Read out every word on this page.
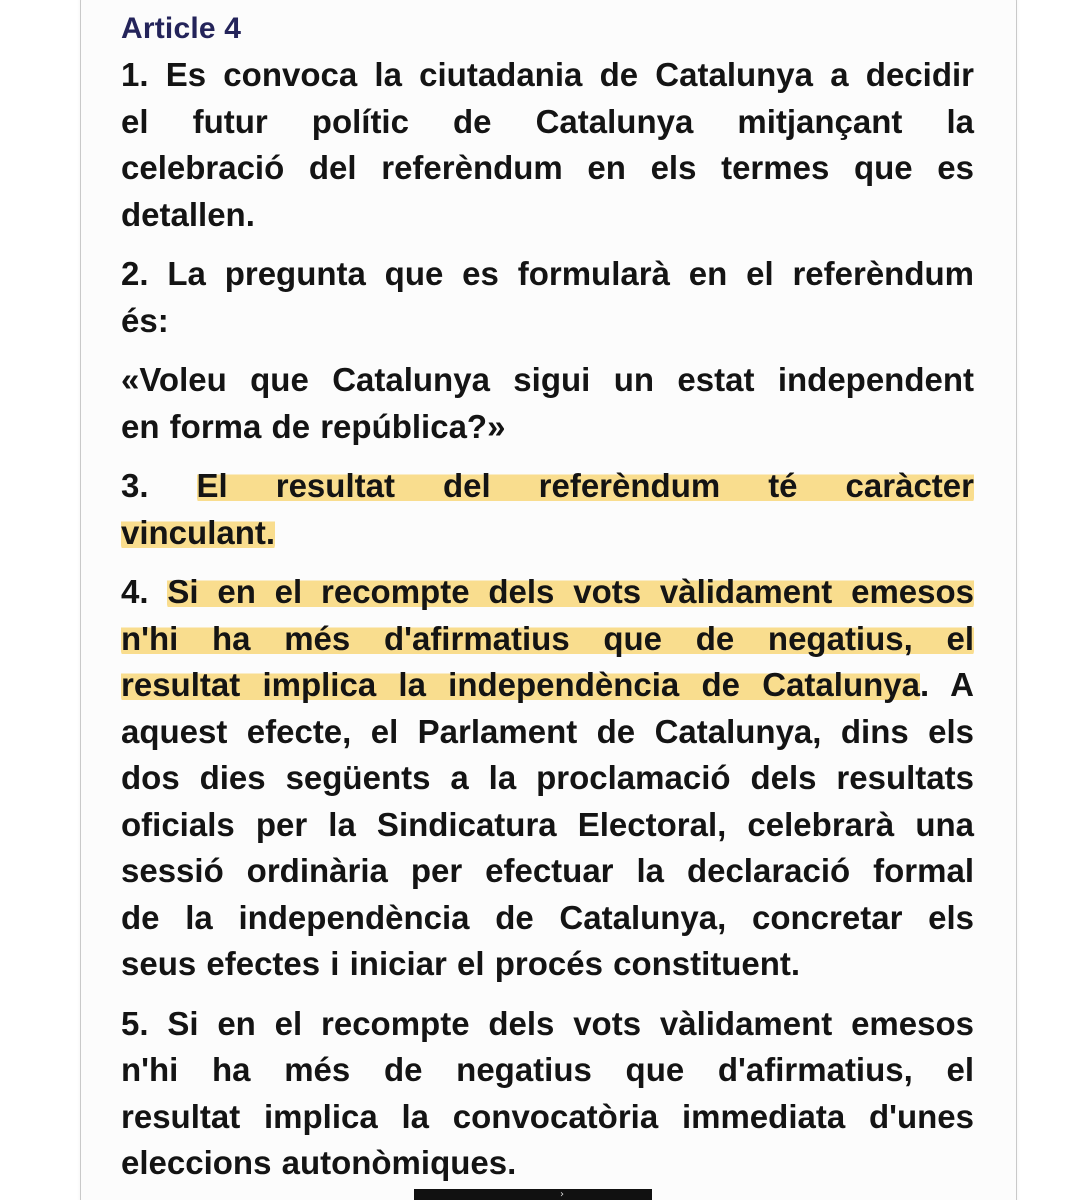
Article 4
1. Es convoca la ciutadania de Catalunya a decidir
el futur polític de Catalunya mitjançant la
celebració del referèndum en els termes que es
detallen.
2. La pregunta que es formularà en el referèndum
és:
«Voleu que Catalunya sigui un estat independent
en forma de república?»
3. El resultat del referèndum té caràcter
vinculant.
4. Si en el recompte dels vots vàlidament emesos
n'hi ha més d'afirmatius que de negatius, el
resultat implica la independència de Catalunya. A
aquest efecte, el Parlament de Catalunya, dins els
dos dies següents a la proclamació dels resultats
oficials per la Sindicatura Electoral, celebrarà una
sessió ordinària per efectuar la declaració formal
de la independència de Catalunya, concretar els
seus efectes i iniciar el procés constituent.
5. Si en el recompte dels vots vàlidament emesos
n'hi ha més de negatius que d'afirmatius, el
resultat implica la convocatòria immediata d'unes
eleccions autonòmiques.
›
